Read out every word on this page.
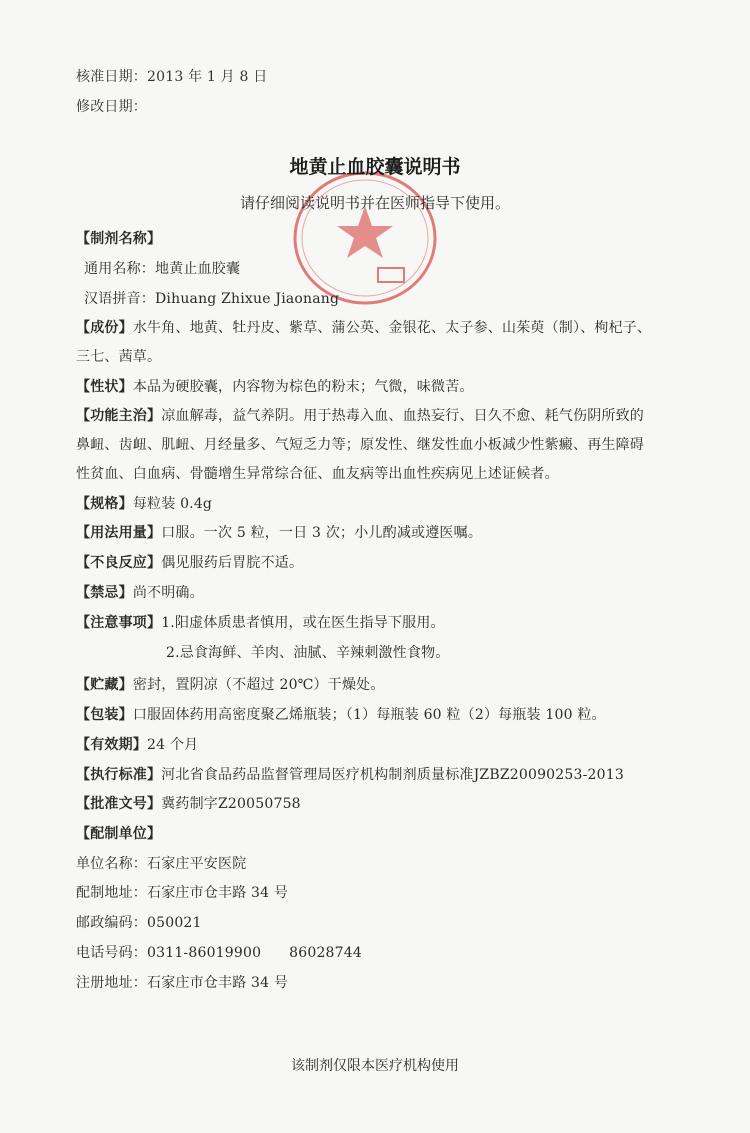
核准日期：2013 年 1 月 8 日
修改日期：
地黄止血胶囊说明书
请仔细阅读说明书并在医师指导下使用。
【制剂名称】
通用名称：地黄止血胶囊
汉语拼音：Dihuang Zhixue Jiaonang
【成份】水牛角、地黄、牡丹皮、紫草、蒲公英、金银花、太子参、山茱萸（制）、枸杞子、
三七、茜草。
【性状】本品为硬胶囊，内容物为棕色的粉末；气微，味微苦。
【功能主治】凉血解毒，益气养阴。用于热毒入血、血热妄行、日久不愈、耗气伤阴所致的
鼻衄、齿衄、肌衄、月经量多、气短乏力等；原发性、继发性血小板减少性紫癜、再生障碍
性贫血、白血病、骨髓增生异常综合征、血友病等出血性疾病见上述证候者。
【规格】每粒装 0.4g
【用法用量】口服。一次 5 粒，一日 3 次；小儿酌减或遵医嘱。
【不良反应】偶见服药后胃脘不适。
【禁忌】尚不明确。
【注意事项】1.阳虚体质患者慎用，或在医生指导下服用。
2.忌食海鲜、羊肉、油腻、辛辣刺激性食物。
【贮藏】密封，置阴凉（不超过 20℃）干燥处。
【包装】口服固体药用高密度聚乙烯瓶装；（1）每瓶装 60 粒（2）每瓶装 100 粒。
【有效期】24 个月
【执行标准】河北省食品药品监督管理局医疗机构制剂质量标准JZBZ20090253-2013
【批准文号】冀药制字Z20050758
【配制单位】
单位名称：石家庄平安医院
配制地址：石家庄市仓丰路 34 号
邮政编码：050021
电话号码：0311-86019900      86028744
注册地址：石家庄市仓丰路 34 号
该制剂仅限本医疗机构使用
